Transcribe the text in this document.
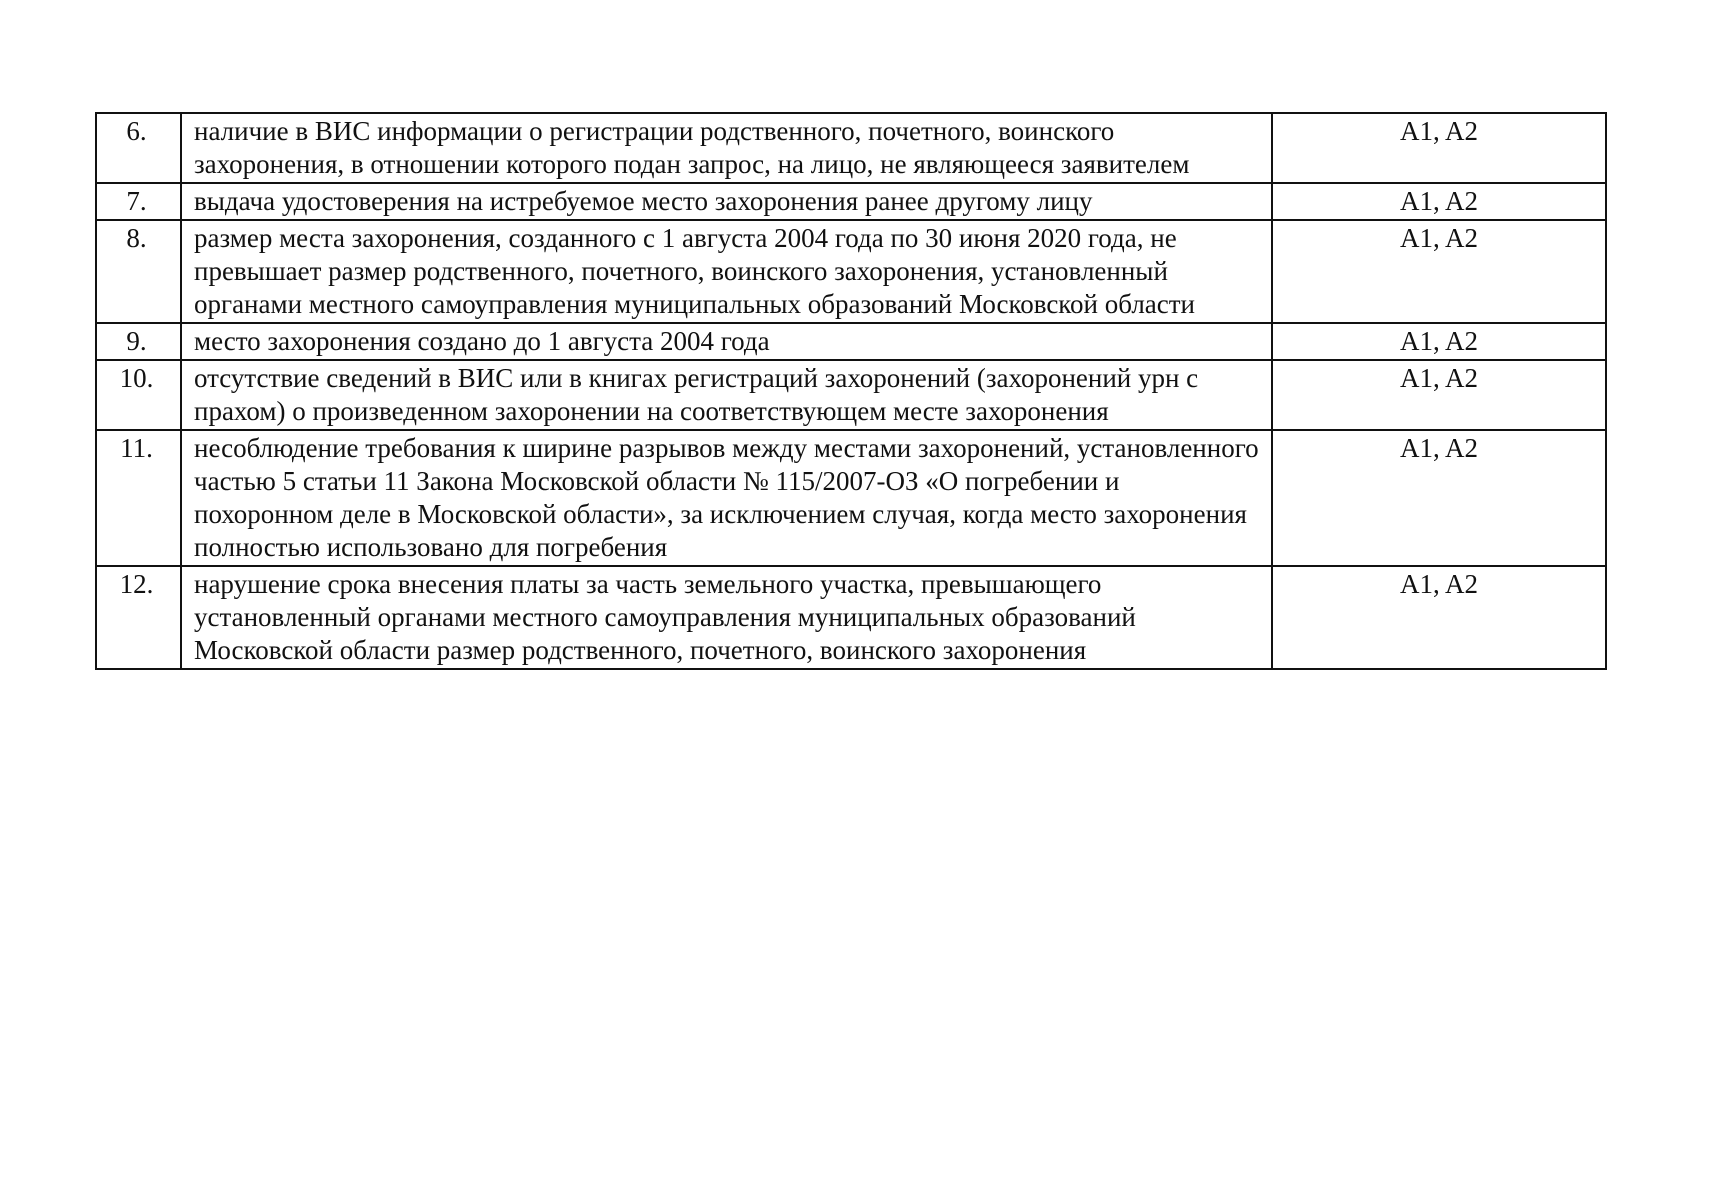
6.	наличие в ВИС информации о регистрации родственного, почетного, воинского захоронения, в отношении которого подан запрос, на лицо, не являющееся заявителем	A1, A2

7.	выдача удостоверения на истребуемое место захоронения ранее другому лицу	A1, A2

8.	размер места захоронения, созданного с 1 августа 2004 года по 30 июня 2020 года, не превышает размер родственного, почетного, воинского захоронения, установленный органами местного самоуправления муниципальных образований Московской области	A1, A2

9.	место захоронения создано до 1 августа 2004 года	A1, A2

10.	отсутствие сведений в ВИС или в книгах регистраций захоронений (захоронений урн с прахом) о произведенном захоронении на соответствующем месте захоронения	A1, A2

11.	несоблюдение требования к ширине разрывов между местами захоронений, установленного частью 5 статьи 11 Закона Московской области № 115/2007-ОЗ «О погребении и похоронном деле в Московской области», за исключением случая, когда место захоронения полностью использовано для погребения	A1, A2

12.	нарушение срока внесения платы за часть земельного участка, превышающего установленный органами местного самоуправления муниципальных образований Московской области размер родственного, почетного, воинского захоронения	A1, A2
